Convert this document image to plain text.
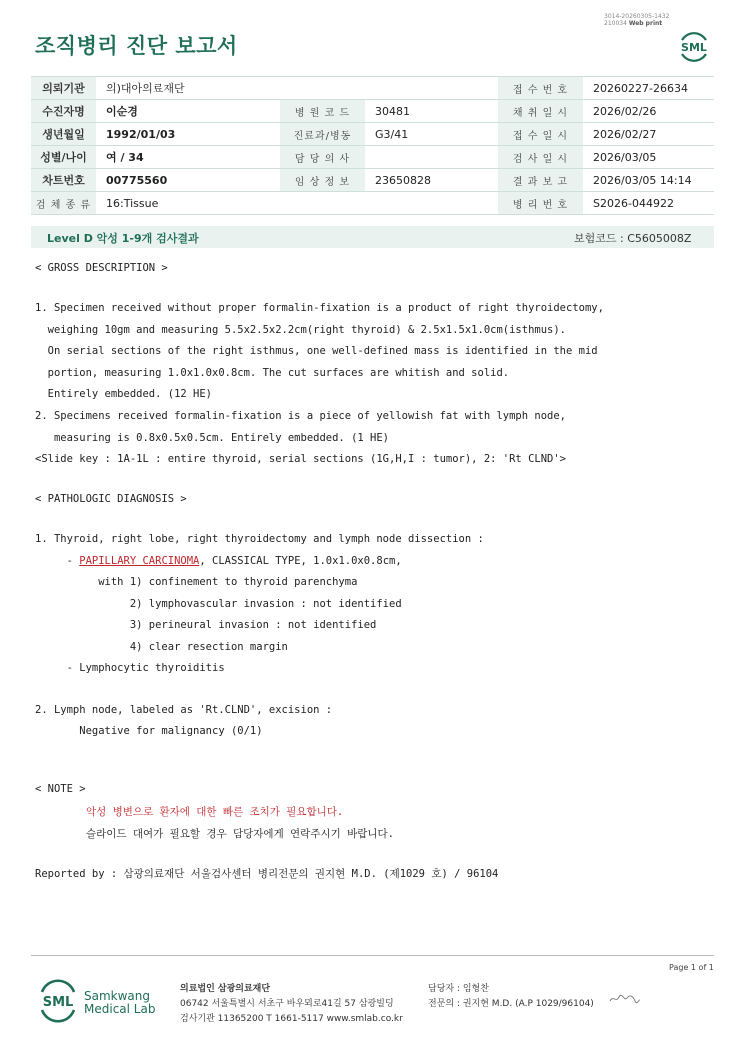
조직병리 진단 보고서
3014-20260305-1432
210034 Web print
SML
의뢰기관	의)대아의료재단			접 수 번 호	20260227-26634
수진자명	이순경	병 원 코 드	30481	채 취 일 시	2026/02/26
생년월일	1992/01/03	진료과/병동	G3/41	접 수 일 시	2026/02/27
성별/나이	여 / 34	담 당 의 사		검 사 일 시	2026/03/05
차트번호	00775560	임 상 정 보	23650828	결 과 보 고	2026/03/05 14:14
검 체 종 류	16:Tissue			병 리 번 호	S2026-044922
Level D 악성 1-9개 검사결과	보험코드 : C5605008Z
< GROSS DESCRIPTION >
1. Specimen received without proper formalin-fixation is a product of right thyroidectomy,
weighing 10gm and measuring 5.5x2.5x2.2cm(right thyroid) & 2.5x1.5x1.0cm(isthmus).
On serial sections of the right isthmus, one well-defined mass is identified in the mid
portion, measuring 1.0x1.0x0.8cm. The cut surfaces are whitish and solid.
Entirely embedded. (12 HE)
2. Specimens received formalin-fixation is a piece of yellowish fat with lymph node,
measuring is 0.8x0.5x0.5cm. Entirely embedded. (1 HE)
<Slide key : 1A-1L : entire thyroid, serial sections (1G,H,I : tumor), 2: 'Rt CLND'>
< PATHOLOGIC DIAGNOSIS >
1. Thyroid, right lobe, right thyroidectomy and lymph node dissection :
- PAPILLARY CARCINOMA, CLASSICAL TYPE, 1.0x1.0x0.8cm,
with 1) confinement to thyroid parenchyma
2) lymphovascular invasion : not identified
3) perineural invasion : not identified
4) clear resection margin
- Lymphocytic thyroiditis
2. Lymph node, labeled as 'Rt.CLND', excision :
Negative for malignancy (0/1)
< NOTE >
악성 병변으로 환자에 대한 빠른 조치가 필요합니다.
슬라이드 대여가 필요할 경우 담당자에게 연락주시기 바랍니다.
Reported by : 삼광의료재단 서울검사센터 병리전문의 권지현 M.D. (제1029 호) / 96104
Page 1 of 1
SML Samkwang
Medical Lab
의료법인 삼광의료재단
06742 서울특별시 서초구 바우뫼로41길 57 삼광빌딩
검사기관 11365200 T 1661-5117 www.smlab.co.kr
담당자 : 임형찬
전문의 : 권지현 M.D. (A.P 1029/96104)
